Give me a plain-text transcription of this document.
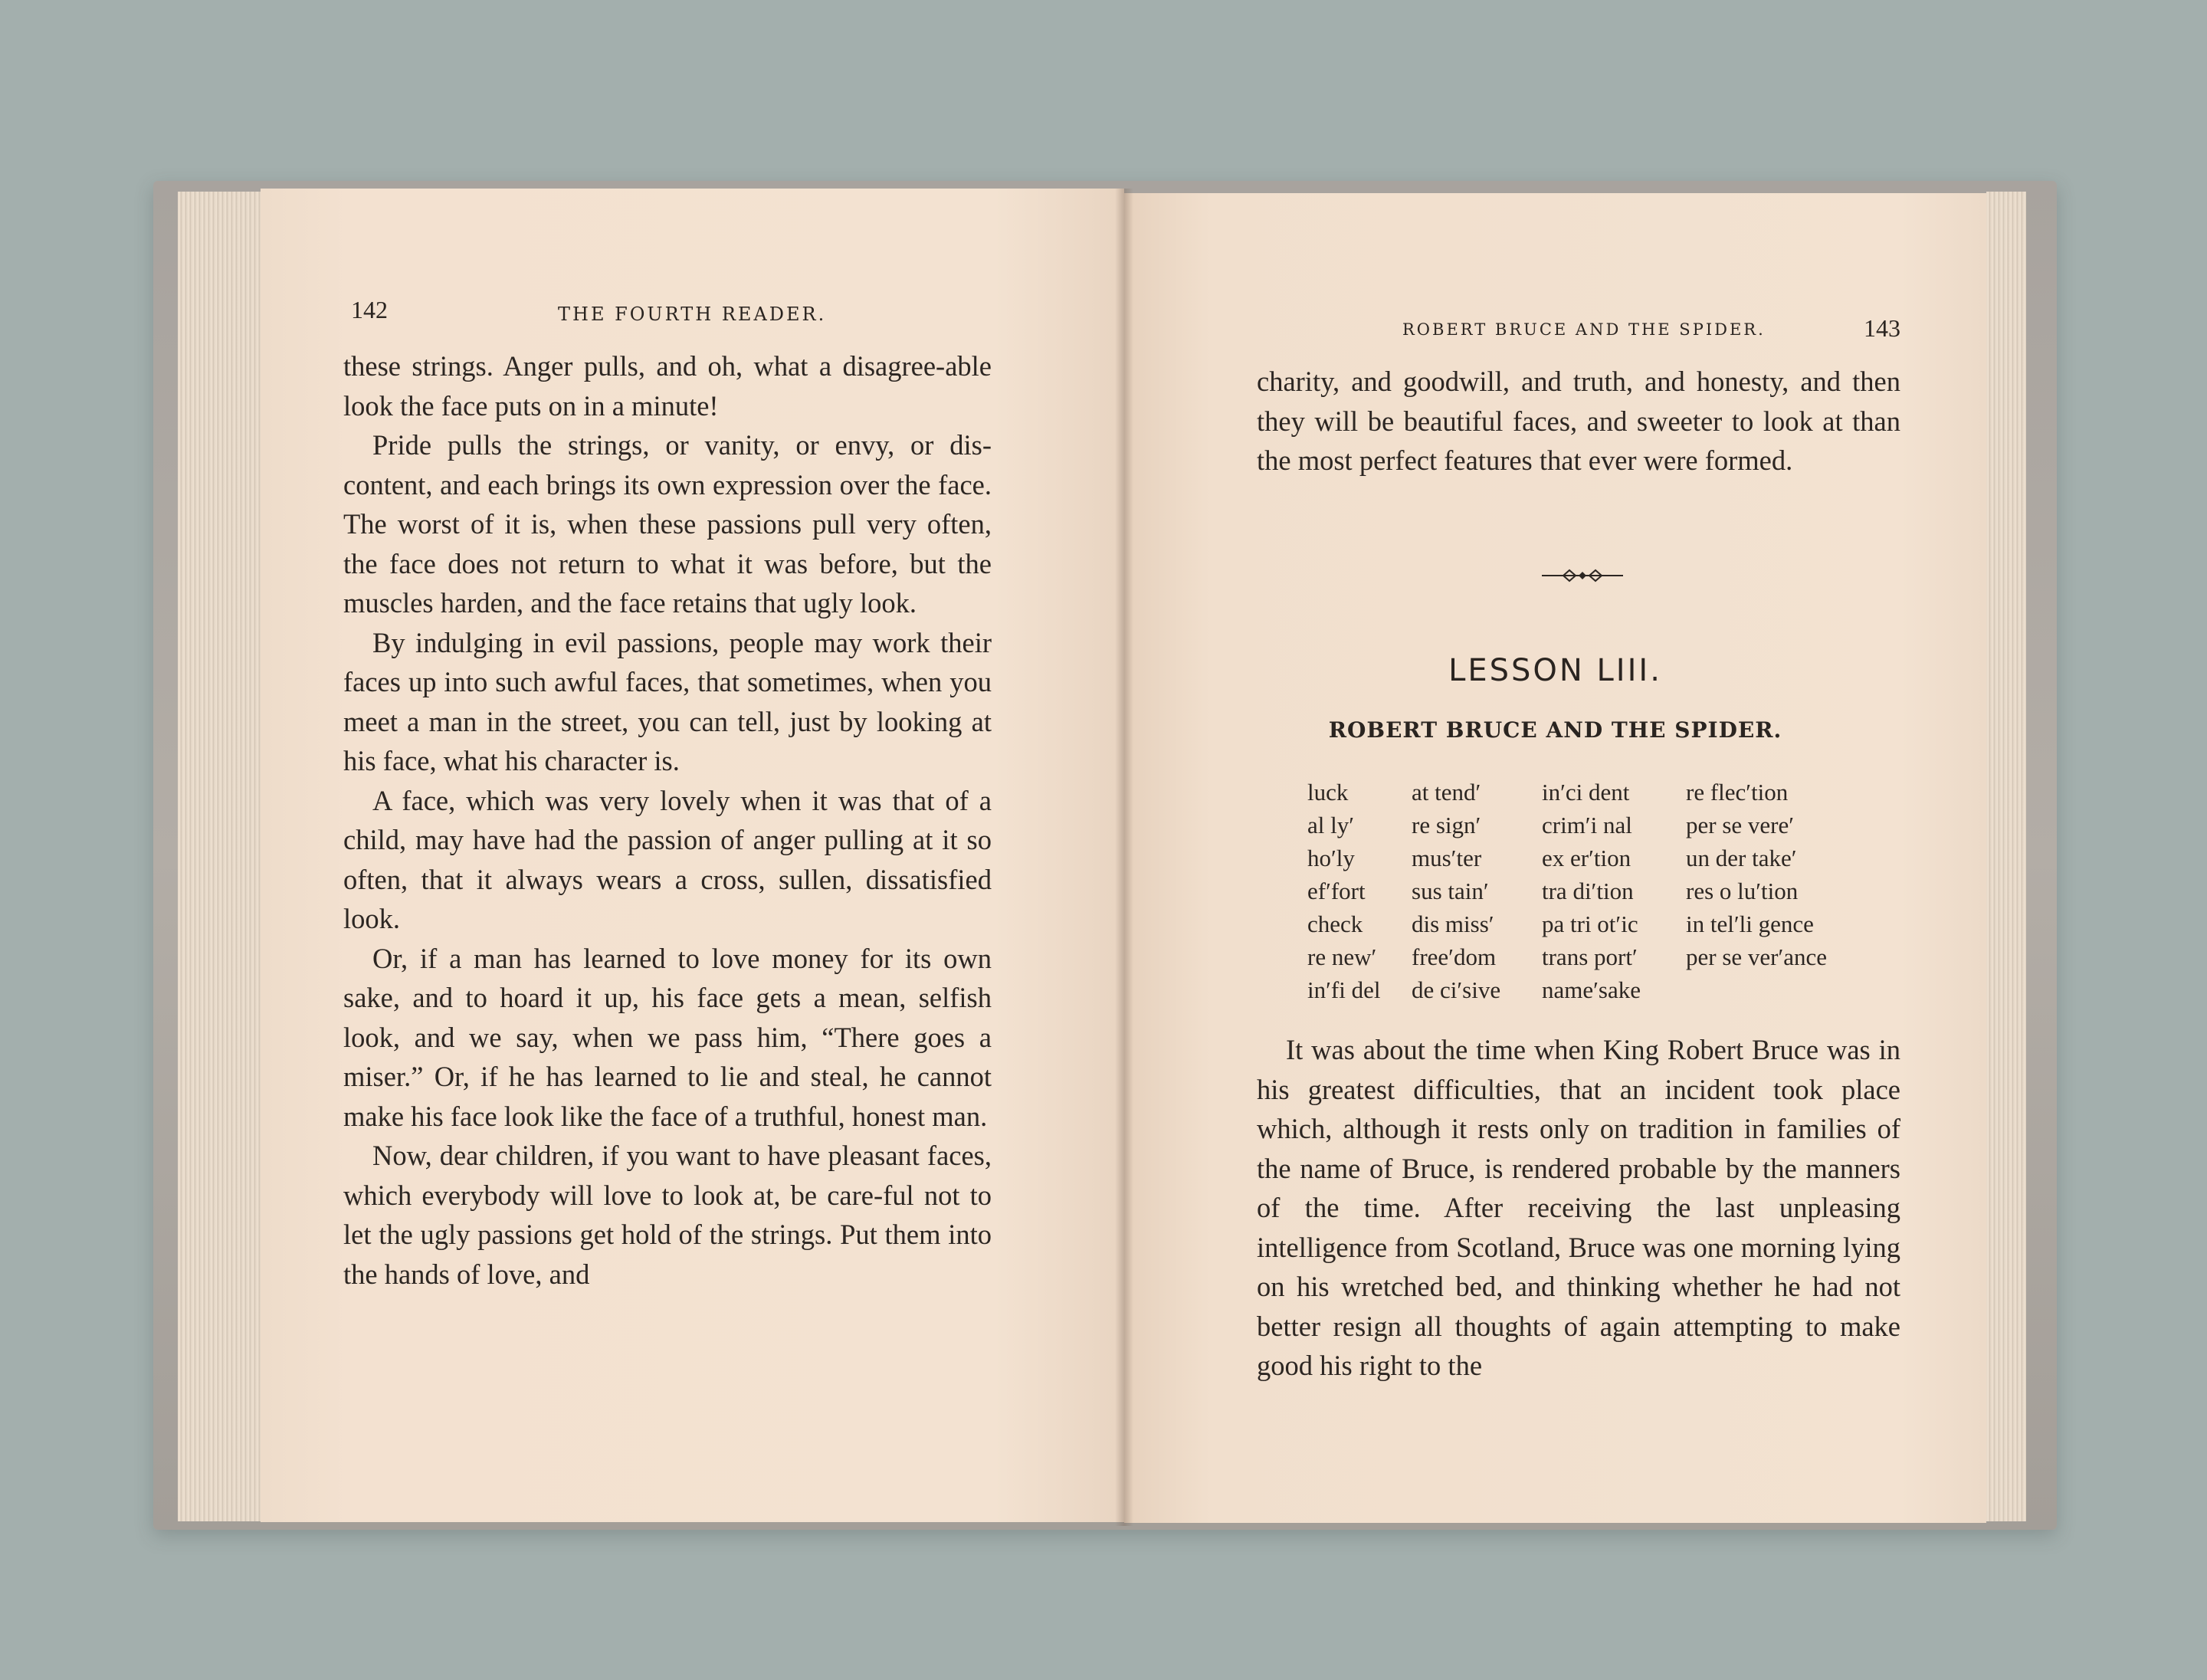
142	THE FOURTH READER.

these strings. Anger pulls, and oh, what a disagree-able look the face puts on in a minute!

Pride pulls the strings, or vanity, or envy, or dis-content, and each brings its own expression over the face. The worst of it is, when these passions pull very often, the face does not return to what it was before, but the muscles harden, and the face retains that ugly look.

By indulging in evil passions, people may work their faces up into such awful faces, that sometimes, when you meet a man in the street, you can tell, just by looking at his face, what his character is.

A face, which was very lovely when it was that of a child, may have had the passion of anger pulling at it so often, that it always wears a cross, sullen, dissatisfied look.

Or, if a man has learned to love money for its own sake, and to hoard it up, his face gets a mean, selfish look, and we say, when we pass him, “There goes a miser.” Or, if he has learned to lie and steal, he cannot make his face look like the face of a truthful, honest man.

Now, dear children, if you want to have pleasant faces, which everybody will love to look at, be care-ful not to let the ugly passions get hold of the strings. Put them into the hands of love, and

ROBERT BRUCE AND THE SPIDER.	143

charity, and goodwill, and truth, and honesty, and then they will be beautiful faces, and sweeter to look at than the most perfect features that ever were formed.

LESSON LIII.
ROBERT BRUCE AND THE SPIDER.
luck
al ly′
ho′ly
ef′fort
check
re new′
in′fi del
at tend′
re sign′
mus′ter
sus tain′
dis miss′
free′dom
de ci′sive
in′ci dent
crim′i nal
ex er′tion
tra di′tion
pa tri ot′ic
trans port′
name′sake
re flec′tion
per se vere′
un der take′
res o lu′tion
in tel′li gence
per se ver′ance

It was about the time when King Robert Bruce was in his greatest difficulties, that an incident took place which, although it rests only on tradition in families of the name of Bruce, is rendered probable by the manners of the time. After receiving the last unpleasing intelligence from Scotland, Bruce was one morning lying on his wretched bed, and thinking whether he had not better resign all thoughts of again attempting to make good his right to the
